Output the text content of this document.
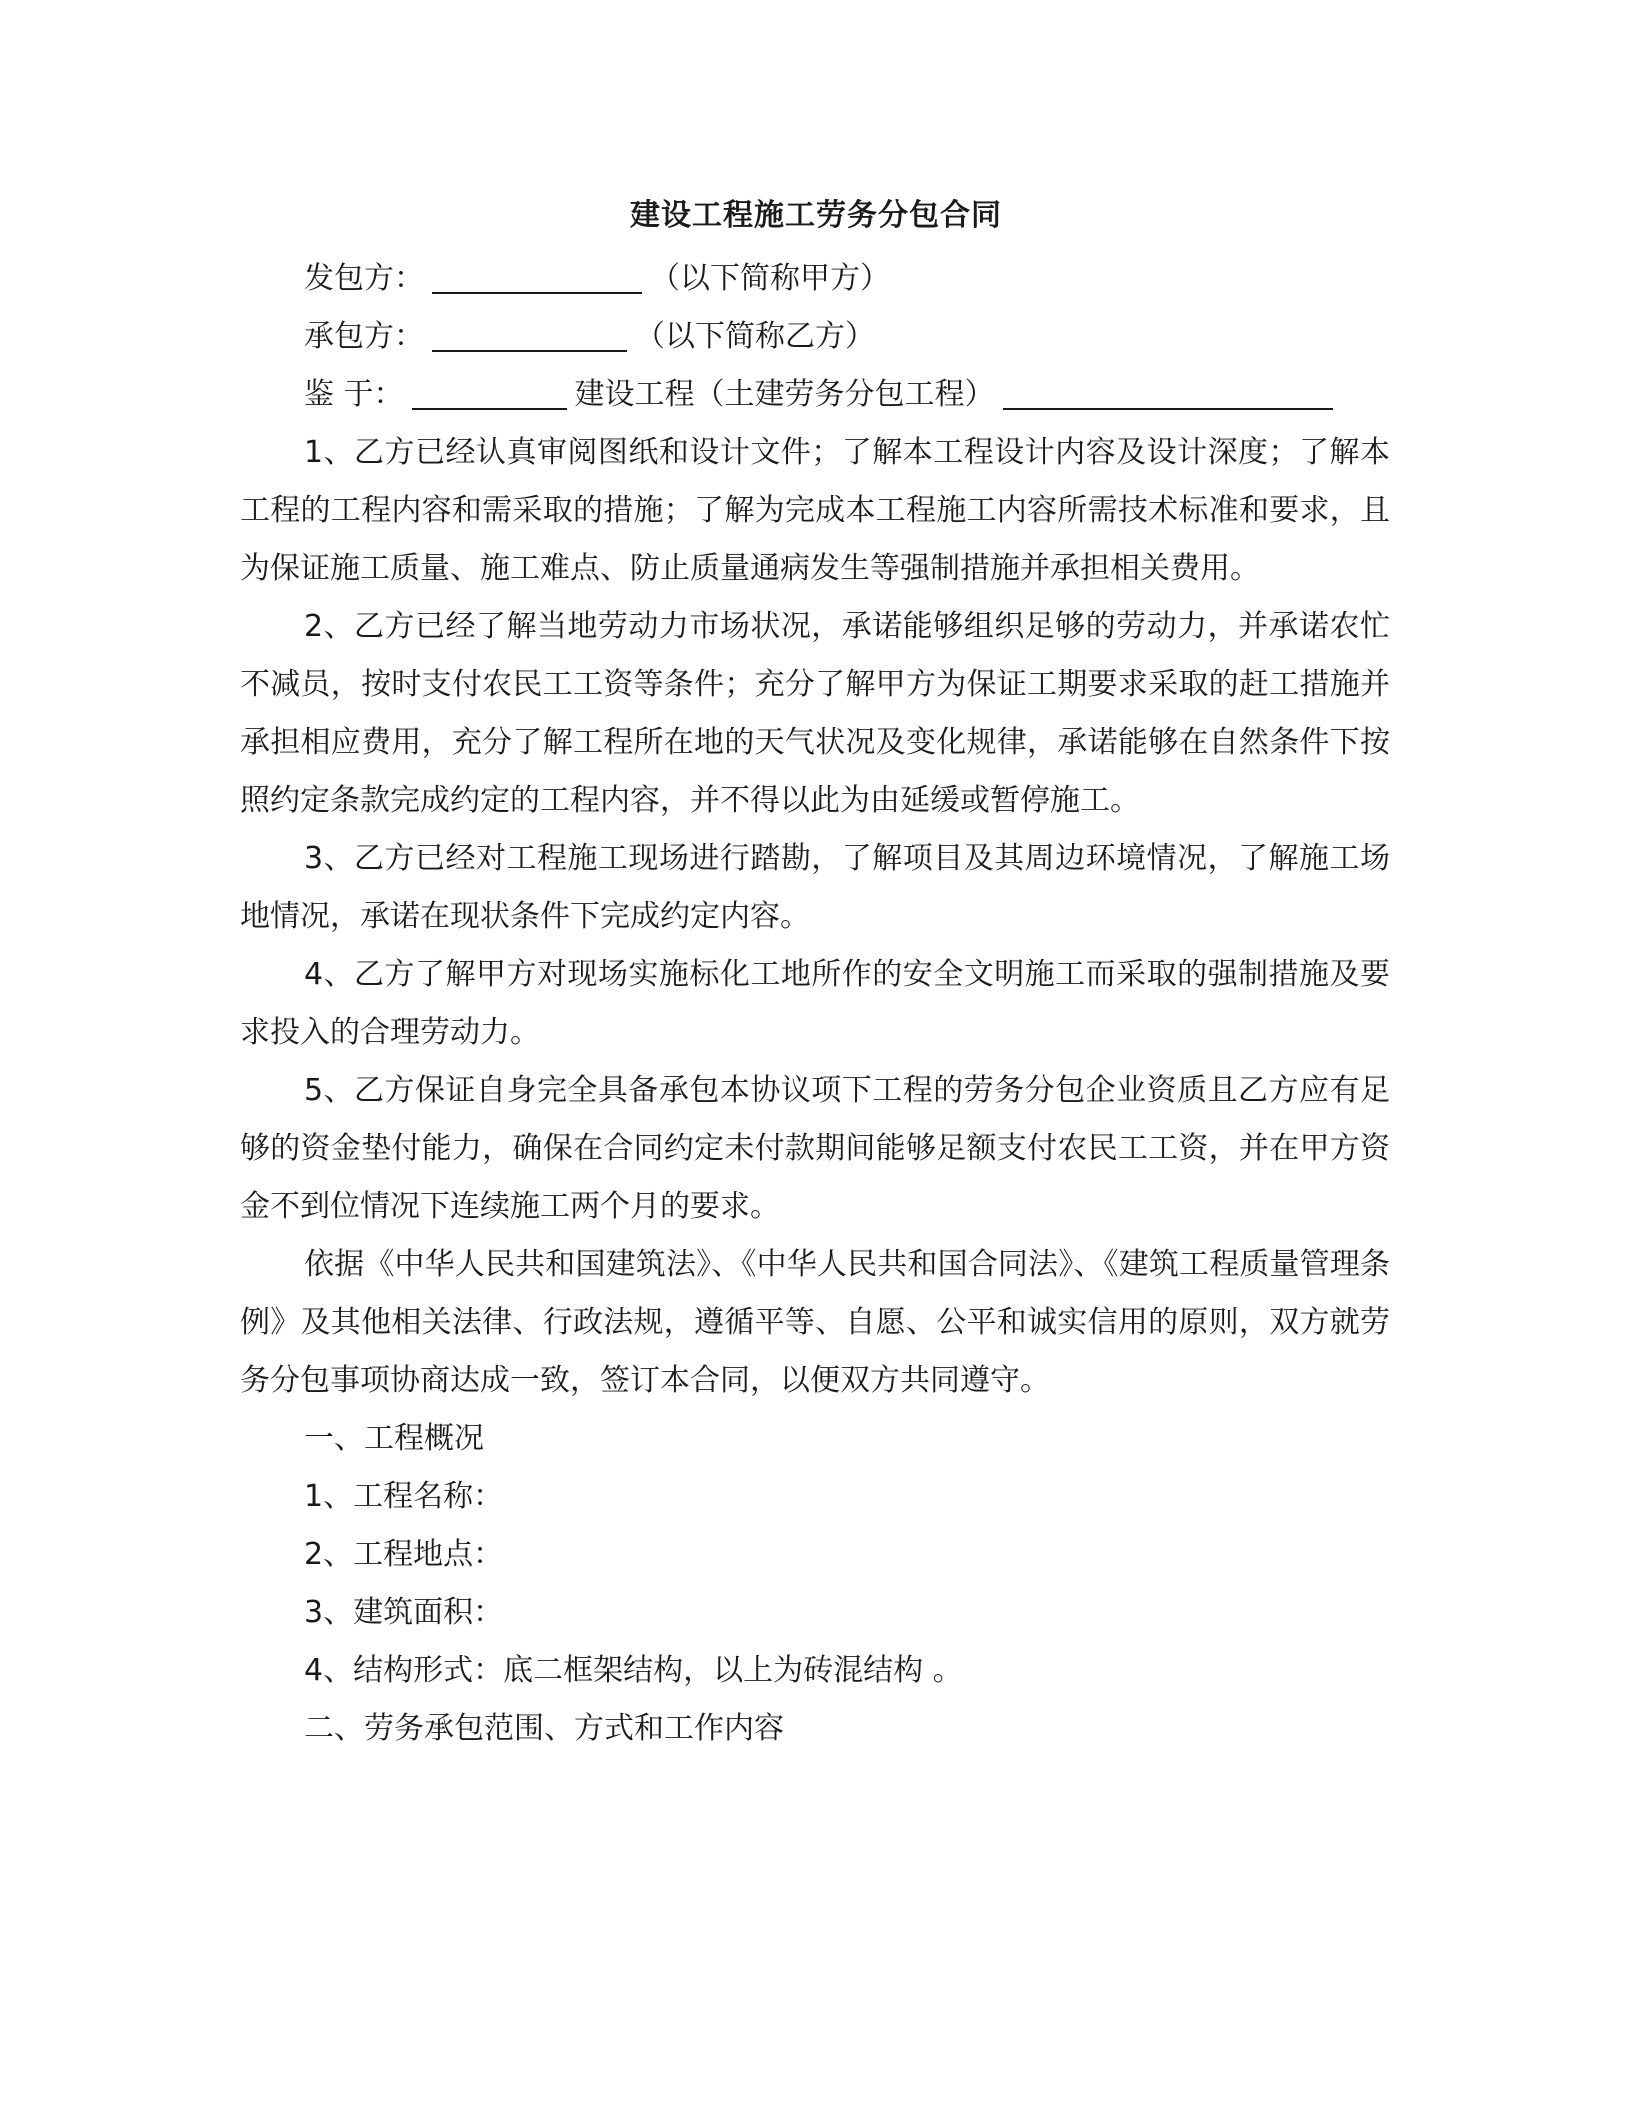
建设工程施工劳务分包合同
发包方：	（以下简称甲方）
承包方：	（以下简称乙方）
鉴 于：	建设工程（土建劳务分包工程）

1、乙方已经认真审阅图纸和设计文件；了解本工程设计内容及设计深度；了解本工程的工程内容和需采取的措施；了解为完成本工程施工内容所需技术标准和要求，且为保证施工质量、施工难点、防止质量通病发生等强制措施并承担相关费用。

2、乙方已经了解当地劳动力市场状况，承诺能够组织足够的劳动力，并承诺农忙不减员，按时支付农民工工资等条件；充分了解甲方为保证工期要求采取的赶工措施并承担相应费用，充分了解工程所在地的天气状况及变化规律，承诺能够在自然条件下按照约定条款完成约定的工程内容，并不得以此为由延缓或暂停施工。

3、乙方已经对工程施工现场进行踏勘，了解项目及其周边环境情况，了解施工场地情况，承诺在现状条件下完成约定内容。

4、乙方了解甲方对现场实施标化工地所作的安全文明施工而采取的强制措施及要求投入的合理劳动力。

5、乙方保证自身完全具备承包本协议项下工程的劳务分包企业资质且乙方应有足够的资金垫付能力，确保在合同约定未付款期间能够足额支付农民工工资，并在甲方资金不到位情况下连续施工两个月的要求。

依据《中华人民共和国建筑法》、《中华人民共和国合同法》、《建筑工程质量管理条例》及其他相关法律、行政法规，遵循平等、自愿、公平和诚实信用的原则，双方就劳务分包事项协商达成一致，签订本合同，以便双方共同遵守。

一、工程概况
1、工程名称：
2、工程地点：
3、建筑面积：
4、结构形式：底二框架结构，以上为砖混结构 。
二、劳务承包范围、方式和工作内容
